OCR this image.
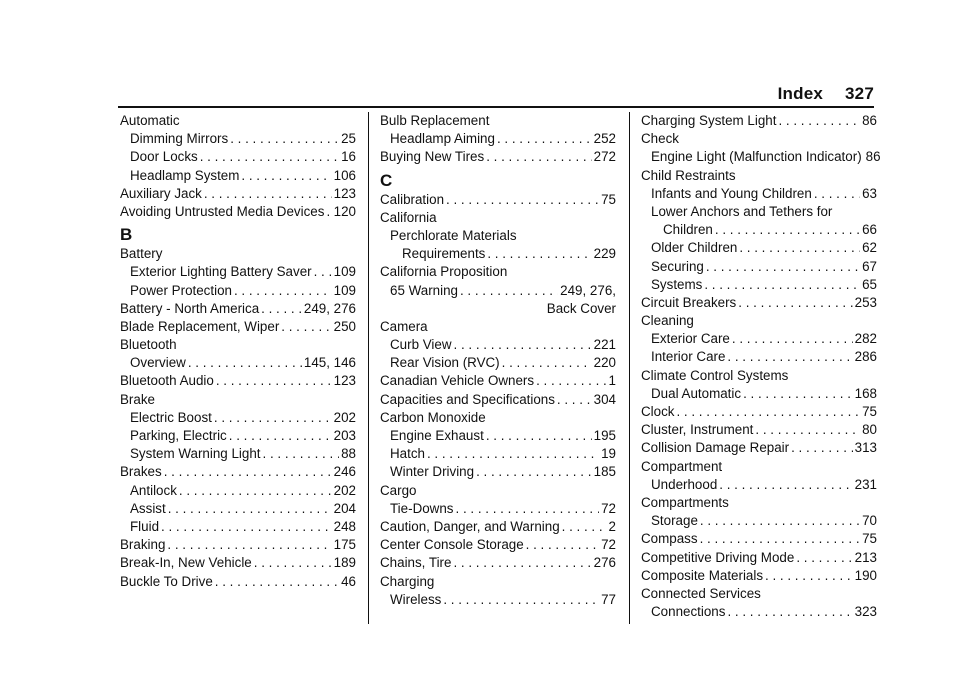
Index 327
Automatic
Dimming Mirrors . . .	25
Door Locks . . .	16
Headlamp System . . .	106
Auxiliary Jack . . .	123
Avoiding Untrusted Media Devices . . . 120
B
Battery
Exterior Lighting Battery Saver . . . 109
Power Protection . . .	109
Battery - North America . . .	249, 276
Blade Replacement, Wiper . . .	250
Bluetooth
Overview . . .	145, 146
Bluetooth Audio . . .	123
Brake
Electric Boost . . .	202
Parking, Electric . . .	203
System Warning Light . . .	88
Brakes . . .	246
Antilock . . .	202
Assist . . .	204
Fluid . . .	248
Braking . . .	175
Break-In, New Vehicle . . .	189
Buckle To Drive . . .	46
Bulb Replacement
Headlamp Aiming . . .	252
Buying New Tires . . .	272
C
Calibration . . .	75
California
Perchlorate Materials
Requirements . . .	229
California Proposition
65 Warning . . .	249, 276,
Back Cover
Camera
Curb View . . .	221
Rear Vision (RVC) . . .	220
Canadian Vehicle Owners . . .	1
Capacities and Specifications . . .	304
Carbon Monoxide
Engine Exhaust . . .	195
Hatch . . .	19
Winter Driving . . .	185
Cargo
Tie-Downs . . .	72
Caution, Danger, and Warning . . .	2
Center Console Storage . . .	72
Chains, Tire . . .	276
Charging
Wireless . . .	77
Charging System Light . . .	86
Check
Engine Light (Malfunction Indicator) 86
Child Restraints
Infants and Young Children . . .	63
Lower Anchors and Tethers for
Children . . .	66
Older Children . . .	62
Securing . . .	67
Systems . . .	65
Circuit Breakers . . .	253
Cleaning
Exterior Care . . .	282
Interior Care . . .	286
Climate Control Systems
Dual Automatic . . .	168
Clock . . .	75
Cluster, Instrument . . .	80
Collision Damage Repair . . .	313
Compartment
Underhood . . .	231
Compartments
Storage . . .	70
Compass . . .	75
Competitive Driving Mode . . .	213
Composite Materials . . .	190
Connected Services
Connections . . .	323
